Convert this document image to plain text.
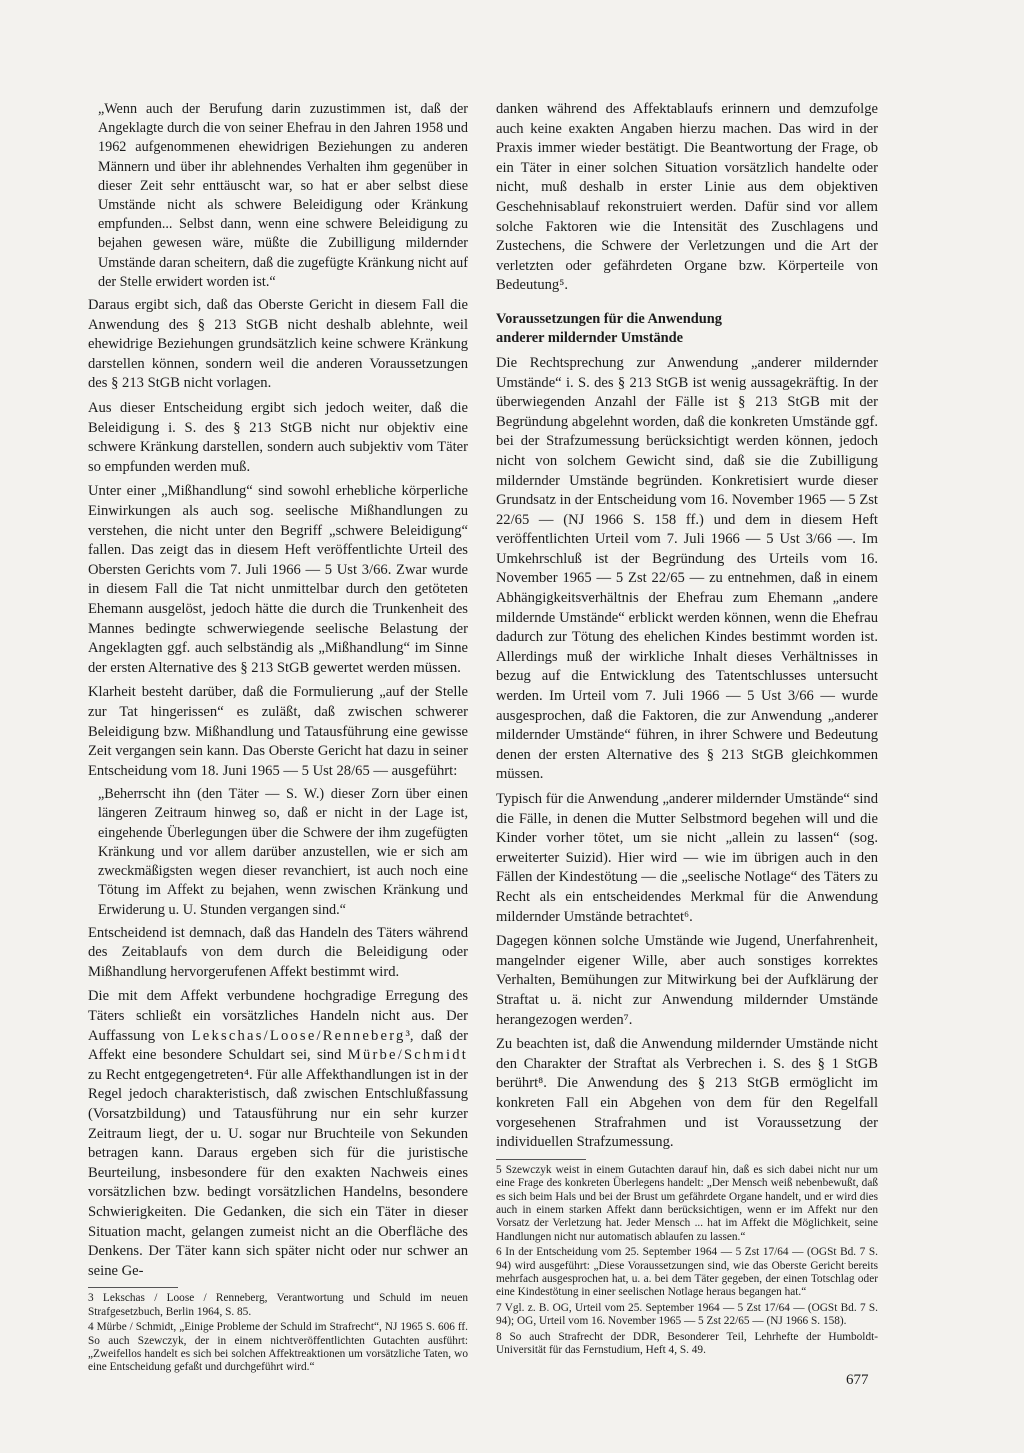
„Wenn auch der Berufung darin zuzustimmen ist, daß der Angeklagte durch die von seiner Ehefrau in den Jahren 1958 und 1962 aufgenommenen ehewidrigen Beziehungen zu anderen Männern und über ihr ablehnendes Verhalten ihm gegenüber in dieser Zeit sehr enttäuscht war, so hat er aber selbst diese Umstände nicht als schwere Beleidigung oder Kränkung empfunden... Selbst dann, wenn eine schwere Beleidigung zu bejahen gewesen wäre, müßte die Zubilligung mildernder Umstände daran scheitern, daß die zugefügte Kränkung nicht auf der Stelle erwidert worden ist.“

Daraus ergibt sich, daß das Oberste Gericht in diesem Fall die Anwendung des § 213 StGB nicht deshalb ablehnte, weil ehewidrige Beziehungen grundsätzlich keine schwere Kränkung darstellen können, sondern weil die anderen Voraussetzungen des § 213 StGB nicht vorlagen.

Aus dieser Entscheidung ergibt sich jedoch weiter, daß die Beleidigung i. S. des § 213 StGB nicht nur objektiv eine schwere Kränkung darstellen, sondern auch subjektiv vom Täter so empfunden werden muß.

Unter einer „Mißhandlung“ sind sowohl erhebliche körperliche Einwirkungen als auch sog. seelische Mißhandlungen zu verstehen, die nicht unter den Begriff „schwere Beleidigung“ fallen. Das zeigt das in diesem Heft veröffentlichte Urteil des Obersten Gerichts vom 7. Juli 1966 — 5 Ust 3/66. Zwar wurde in diesem Fall die Tat nicht unmittelbar durch den getöteten Ehemann ausgelöst, jedoch hätte die durch die Trunkenheit des Mannes bedingte schwerwiegende seelische Belastung der Angeklagten ggf. auch selbständig als „Mißhandlung“ im Sinne der ersten Alternative des § 213 StGB gewertet werden müssen.

Klarheit besteht darüber, daß die Formulierung „auf der Stelle zur Tat hingerissen“ es zuläßt, daß zwischen schwerer Beleidigung bzw. Mißhandlung und Tatausführung eine gewisse Zeit vergangen sein kann. Das Oberste Gericht hat dazu in seiner Entscheidung vom 18. Juni 1965 — 5 Ust 28/65 — ausgeführt:

„Beherrscht ihn (den Täter — S. W.) dieser Zorn über einen längeren Zeitraum hinweg so, daß er nicht in der Lage ist, eingehende Überlegungen über die Schwere der ihm zugefügten Kränkung und vor allem darüber anzustellen, wie er sich am zweckmäßigsten wegen dieser revanchiert, ist auch noch eine Tötung im Affekt zu bejahen, wenn zwischen Kränkung und Erwiderung u. U. Stunden vergangen sind.“

Entscheidend ist demnach, daß das Handeln des Täters während des Zeitablaufs von dem durch die Beleidigung oder Mißhandlung hervorgerufenen Affekt bestimmt wird.

Die mit dem Affekt verbundene hochgradige Erregung des Täters schließt ein vorsätzliches Handeln nicht aus. Der Auffassung von Lekschas/Loose/Renneberg³, daß der Affekt eine besondere Schuldart sei, sind Mürbe/Schmidt zu Recht entgegengetreten⁴. Für alle Affekthandlungen ist in der Regel jedoch charakteristisch, daß zwischen Entschlußfassung (Vorsatzbildung) und Tatausführung nur ein sehr kurzer Zeitraum liegt, der u. U. sogar nur Bruchteile von Sekunden betragen kann. Daraus ergeben sich für die juristische Beurteilung, insbesondere für den exakten Nachweis eines vorsätzlichen bzw. bedingt vorsätzlichen Handelns, besondere Schwierigkeiten. Die Gedanken, die sich ein Täter in dieser Situation macht, gelangen zumeist nicht an die Oberfläche des Denkens. Der Täter kann sich später nicht oder nur schwer an seine Ge-

3 Lekschas / Loose / Renneberg, Verantwortung und Schuld im neuen Strafgesetzbuch, Berlin 1964, S. 85.

4 Mürbe / Schmidt, „Einige Probleme der Schuld im Strafrecht“, NJ 1965 S. 606 ff. So auch Szewczyk, der in einem nichtveröffentlichten Gutachten ausführt: „Zweifellos handelt es sich bei solchen Affektreaktionen um vorsätzliche Taten, wo eine Entscheidung gefaßt und durchgeführt wird.“

danken während des Affektablaufs erinnern und demzufolge auch keine exakten Angaben hierzu machen. Das wird in der Praxis immer wieder bestätigt. Die Beantwortung der Frage, ob ein Täter in einer solchen Situation vorsätzlich handelte oder nicht, muß deshalb in erster Linie aus dem objektiven Geschehnisablauf rekonstruiert werden. Dafür sind vor allem solche Faktoren wie die Intensität des Zuschlagens und Zustechens, die Schwere der Verletzungen und die Art der verletzten oder gefährdeten Organe bzw. Körperteile von Bedeutung⁵.

Voraussetzungen für die Anwendung
anderer mildernder Umstände

Die Rechtsprechung zur Anwendung „anderer mildernder Umstände“ i. S. des § 213 StGB ist wenig aussagekräftig. In der überwiegenden Anzahl der Fälle ist § 213 StGB mit der Begründung abgelehnt worden, daß die konkreten Umstände ggf. bei der Strafzumessung berücksichtigt werden können, jedoch nicht von solchem Gewicht sind, daß sie die Zubilligung mildernder Umstände begründen. Konkretisiert wurde dieser Grundsatz in der Entscheidung vom 16. November 1965 — 5 Zst 22/65 — (NJ 1966 S. 158 ff.) und dem in diesem Heft veröffentlichten Urteil vom 7. Juli 1966 — 5 Ust 3/66 —. Im Umkehrschluß ist der Begründung des Urteils vom 16. November 1965 — 5 Zst 22/65 — zu entnehmen, daß in einem Abhängigkeitsverhältnis der Ehefrau zum Ehemann „andere mildernde Umstände“ erblickt werden können, wenn die Ehefrau dadurch zur Tötung des ehelichen Kindes bestimmt worden ist. Allerdings muß der wirkliche Inhalt dieses Verhältnisses in bezug auf die Entwicklung des Tatentschlusses untersucht werden. Im Urteil vom 7. Juli 1966 — 5 Ust 3/66 — wurde ausgesprochen, daß die Faktoren, die zur Anwendung „anderer mildernder Umstände“ führen, in ihrer Schwere und Bedeutung denen der ersten Alternative des § 213 StGB gleichkommen müssen.

Typisch für die Anwendung „anderer mildernder Umstände“ sind die Fälle, in denen die Mutter Selbstmord begehen will und die Kinder vorher tötet, um sie nicht „allein zu lassen“ (sog. erweiterter Suizid). Hier wird — wie im übrigen auch in den Fällen der Kindestötung — die „seelische Notlage“ des Täters zu Recht als ein entscheidendes Merkmal für die Anwendung mildernder Umstände betrachtet⁶.

Dagegen können solche Umstände wie Jugend, Unerfahrenheit, mangelnder eigener Wille, aber auch sonstiges korrektes Verhalten, Bemühungen zur Mitwirkung bei der Aufklärung der Straftat u. ä. nicht zur Anwendung mildernder Umstände herangezogen werden⁷.

Zu beachten ist, daß die Anwendung mildernder Umstände nicht den Charakter der Straftat als Verbrechen i. S. des § 1 StGB berührt⁸. Die Anwendung des § 213 StGB ermöglicht im konkreten Fall ein Abgehen von dem für den Regelfall vorgesehenen Strafrahmen und ist Voraussetzung der individuellen Strafzumessung.

5 Szewczyk weist in einem Gutachten darauf hin, daß es sich dabei nicht nur um eine Frage des konkreten Überlegens handelt: „Der Mensch weiß nebenbewußt, daß es sich beim Hals und bei der Brust um gefährdete Organe handelt, und er wird dies auch in einem starken Affekt dann berücksichtigen, wenn er im Affekt nur den Vorsatz der Verletzung hat. Jeder Mensch ... hat im Affekt die Möglichkeit, seine Handlungen nicht nur automatisch ablaufen zu lassen.“

6 In der Entscheidung vom 25. September 1964 — 5 Zst 17/64 — (OGSt Bd. 7 S. 94) wird ausgeführt: „Diese Voraussetzungen sind, wie das Oberste Gericht bereits mehrfach ausgesprochen hat, u. a. bei dem Täter gegeben, der einen Totschlag oder eine Kindestötung in einer seelischen Notlage heraus begangen hat.“

7 Vgl. z. B. OG, Urteil vom 25. September 1964 — 5 Zst 17/64 — (OGSt Bd. 7 S. 94); OG, Urteil vom 16. November 1965 — 5 Zst 22/65 — (NJ 1966 S. 158).

8 So auch Strafrecht der DDR, Besonderer Teil, Lehrhefte der Humboldt-Universität für das Fernstudium, Heft 4, S. 49.

677
